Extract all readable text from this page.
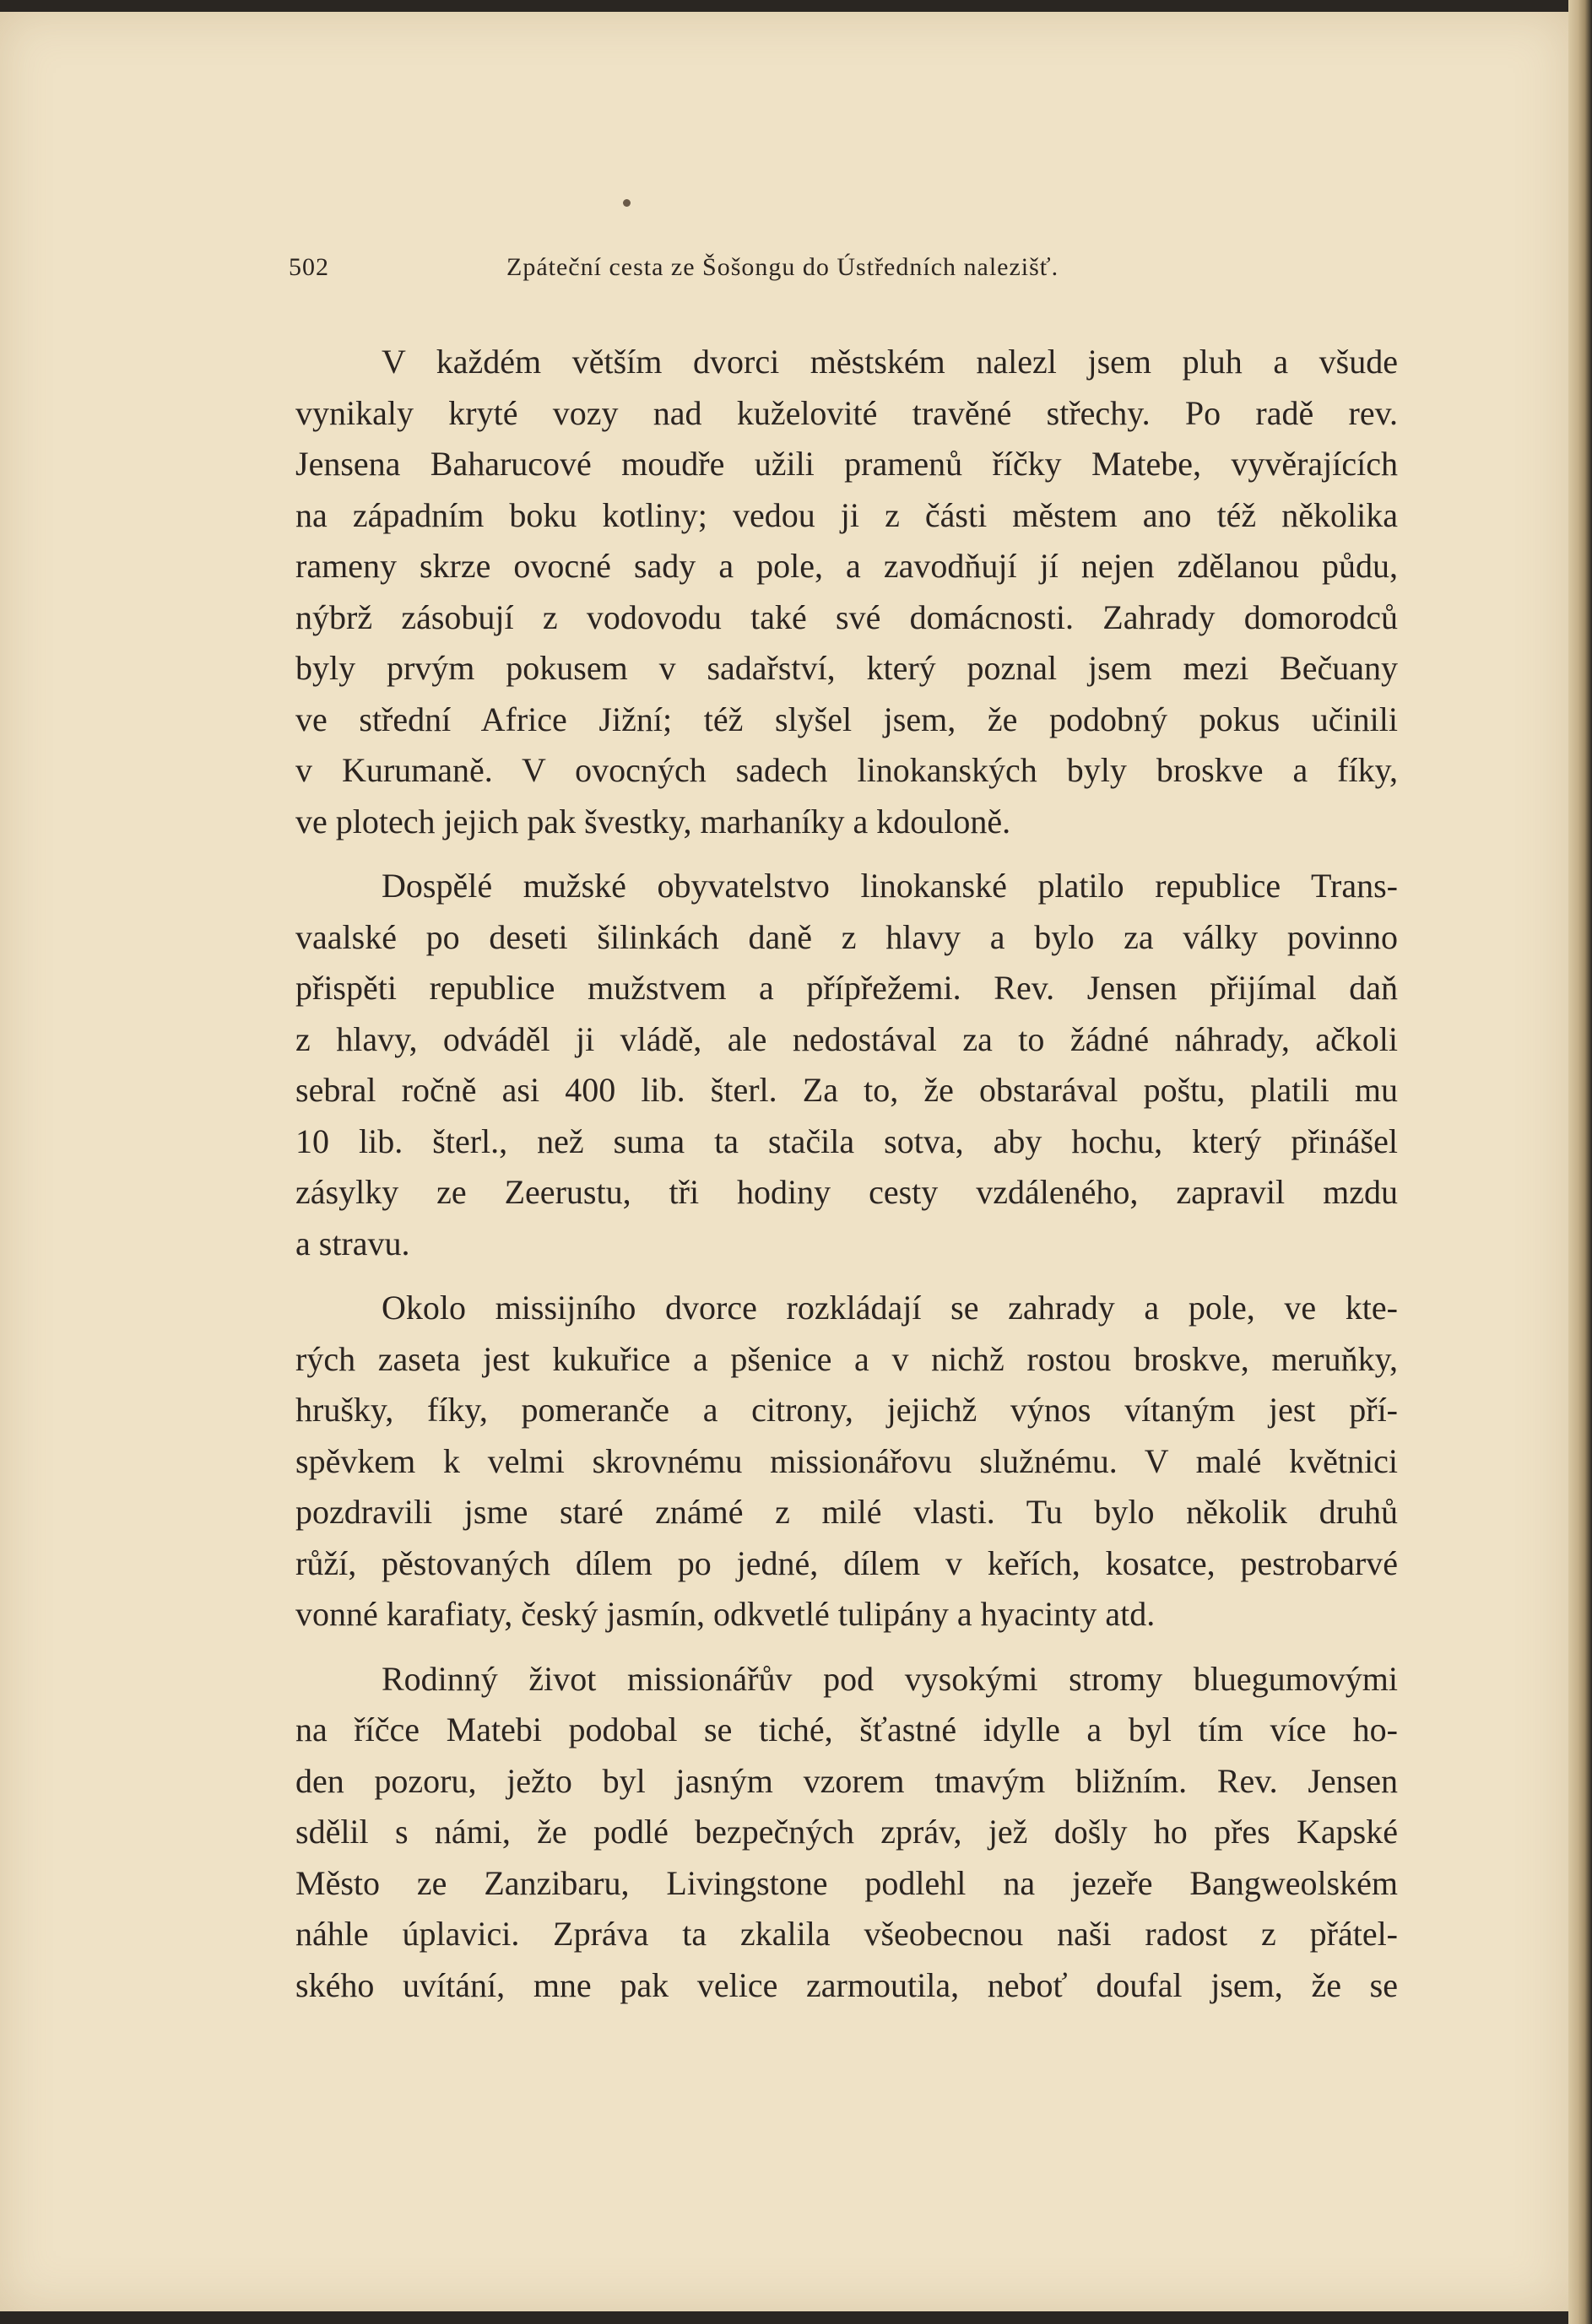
502	Zpáteční cesta ze Šošongu do Ústředních nalezišť.

V každém větším dvorci městském nalezl jsem pluh a všude
vynikaly kryté vozy nad kuželovité travěné střechy. Po radě rev.
Jensena Baharucové moudře užili pramenů říčky Matebe, vyvěrajících
na západním boku kotliny; vedou ji z části městem ano též několika
rameny skrze ovocné sady a pole, a zavodňují jí nejen zdělanou půdu,
nýbrž zásobují z vodovodu také své domácnosti. Zahrady domorodců
byly prvým pokusem v sadařství, který poznal jsem mezi Bečuany
ve střední Africe Jižní; též slyšel jsem, že podobný pokus učinili
v Kurumaně. V ovocných sadech linokanských byly broskve a fíky,
ve plotech jejich pak švestky, marhaníky a kdouloně.

Dospělé mužské obyvatelstvo linokanské platilo republice Trans-
vaalské po deseti šilinkách daně z hlavy a bylo za války povinno
přispěti republice mužstvem a přípřežemi. Rev. Jensen přijímal daň
z hlavy, odváděl ji vládě, ale nedostával za to žádné náhrady, ačkoli
sebral ročně asi 400 lib. šterl. Za to, že obstarával poštu, platili mu
10 lib. šterl., než suma ta stačila sotva, aby hochu, který přinášel
zásylky ze Zeerustu, tři hodiny cesty vzdáleného, zapravil mzdu
a stravu.

Okolo missijního dvorce rozkládají se zahrady a pole, ve kte-
rých zaseta jest kukuřice a pšenice a v nichž rostou broskve, meruňky,
hrušky, fíky, pomeranče a citrony, jejichž výnos vítaným jest pří-
spěvkem k velmi skrovnému missionářovu služnému. V malé květnici
pozdravili jsme staré známé z milé vlasti. Tu bylo několik druhů
růží, pěstovaných dílem po jedné, dílem v keřích, kosatce, pestrobarvé
vonné karafiaty, český jasmín, odkvetlé tulipány a hyacinty atd.

Rodinný život missionářův pod vysokými stromy bluegumovými
na říčce Matebi podobal se tiché, šťastné idylle a byl tím více ho-
den pozoru, ježto byl jasným vzorem tmavým bližním. Rev. Jensen
sdělil s námi, že podlé bezpečných zpráv, jež došly ho přes Kapské
Město ze Zanzibaru, Livingstone podlehl na jezeře Bangweolském
náhle úplavici. Zpráva ta zkalila všeobecnou naši radost z přátel-
ského uvítání, mne pak velice zarmoutila, neboť doufal jsem, že se
